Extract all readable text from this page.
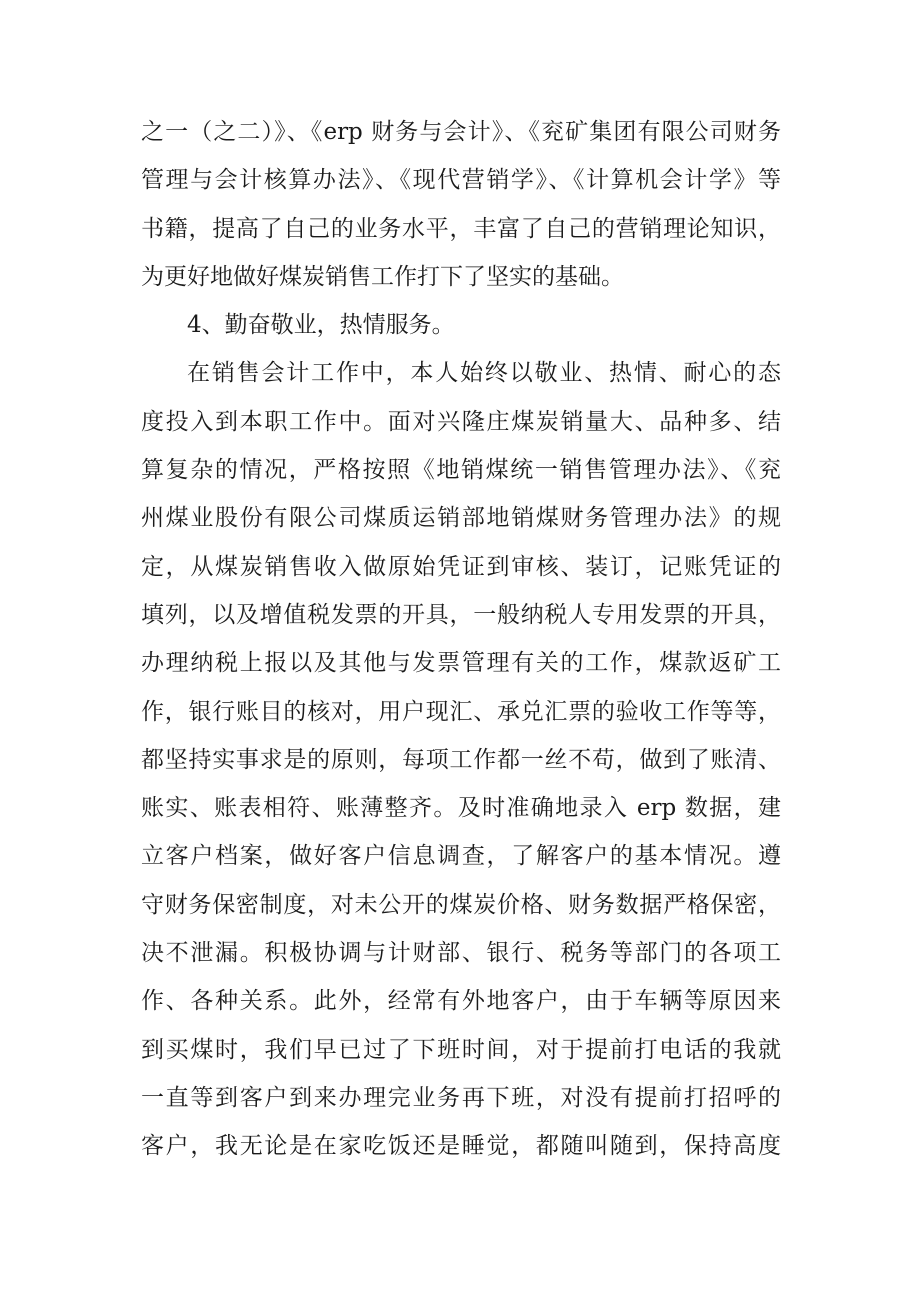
之一（之二）》、《erp 财务与会计》、《兖矿集团有限公司财务
管理与会计核算办法》、《现代营销学》、《计算机会计学》等
书籍，提高了自己的业务水平，丰富了自己的营销理论知识，
为更好地做好煤炭销售工作打下了坚实的基础。
4、勤奋敬业，热情服务。
在销售会计工作中，本人始终以敬业、热情、耐心的态
度投入到本职工作中。面对兴隆庄煤炭销量大、品种多、结
算复杂的情况，严格按照《地销煤统一销售管理办法》、《兖
州煤业股份有限公司煤质运销部地销煤财务管理办法》的规
定，从煤炭销售收入做原始凭证到审核、装订，记账凭证的
填列，以及增值税发票的开具，一般纳税人专用发票的开具，
办理纳税上报以及其他与发票管理有关的工作，煤款返矿工
作，银行账目的核对，用户现汇、承兑汇票的验收工作等等，
都坚持实事求是的原则，每项工作都一丝不苟，做到了账清、
账实、账表相符、账薄整齐。及时准确地录入 erp 数据，建
立客户档案，做好客户信息调查，了解客户的基本情况。遵
守财务保密制度，对未公开的煤炭价格、财务数据严格保密，
决不泄漏。积极协调与计财部、银行、税务等部门的各项工
作、各种关系。此外，经常有外地客户，由于车辆等原因来
到买煤时，我们早已过了下班时间，对于提前打电话的我就
一直等到客户到来办理完业务再下班，对没有提前打招呼的
客户，我无论是在家吃饭还是睡觉，都随叫随到，保持高度
